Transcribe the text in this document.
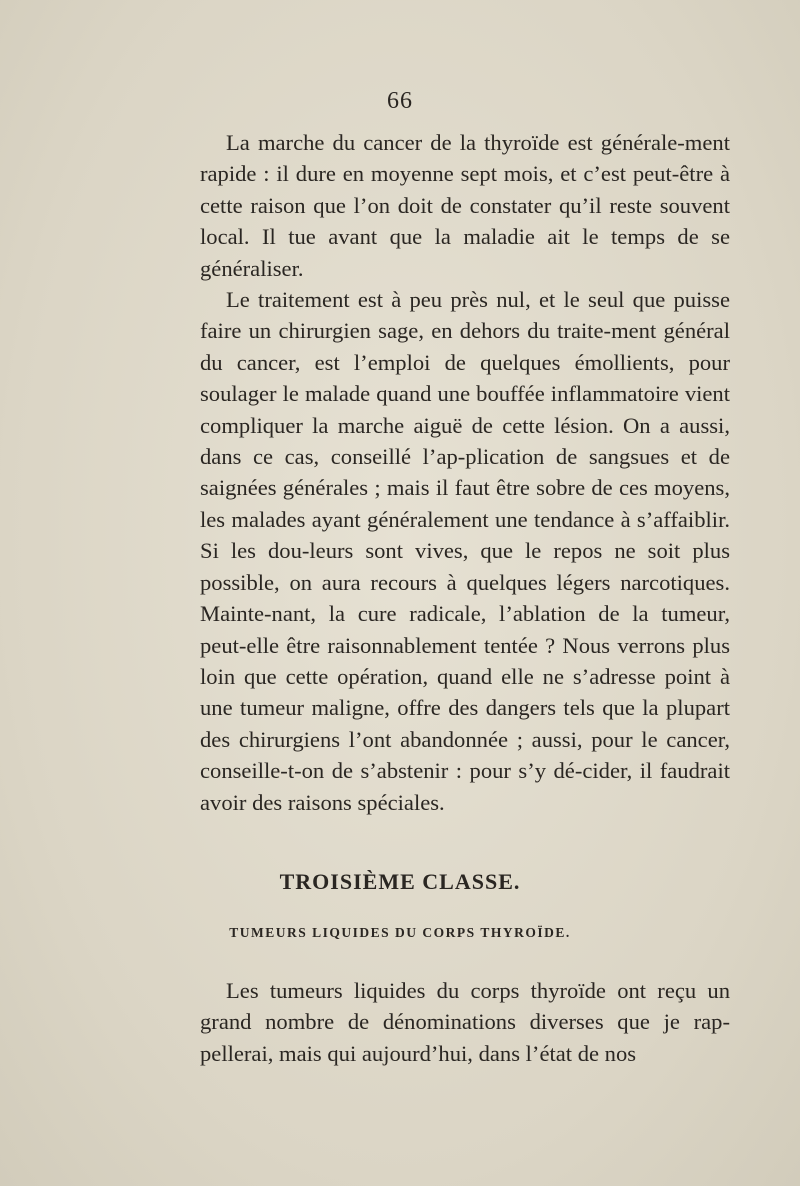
66

La marche du cancer de la thyroïde est générale-ment rapide : il dure en moyenne sept mois, et c’est peut-être à cette raison que l’on doit de constater qu’il reste souvent local. Il tue avant que la maladie ait le temps de se généraliser.

Le traitement est à peu près nul, et le seul que puisse faire un chirurgien sage, en dehors du traite-ment général du cancer, est l’emploi de quelques émollients, pour soulager le malade quand une bouffée inflammatoire vient compliquer la marche aiguë de cette lésion. On a aussi, dans ce cas, conseillé l’ap-plication de sangsues et de saignées générales ; mais il faut être sobre de ces moyens, les malades ayant généralement une tendance à s’affaiblir. Si les dou-leurs sont vives, que le repos ne soit plus possible, on aura recours à quelques légers narcotiques. Mainte-nant, la cure radicale, l’ablation de la tumeur, peut-elle être raisonnablement tentée ? Nous verrons plus loin que cette opération, quand elle ne s’adresse point à une tumeur maligne, offre des dangers tels que la plupart des chirurgiens l’ont abandonnée ; aussi, pour le cancer, conseille-t-on de s’abstenir : pour s’y dé-cider, il faudrait avoir des raisons spéciales.

TROISIÈME CLASSE.
TUMEURS LIQUIDES DU CORPS THYROÏDE.

Les tumeurs liquides du corps thyroïde ont reçu un grand nombre de dénominations diverses que je rap-pellerai, mais qui aujourd’hui, dans l’état de nos
